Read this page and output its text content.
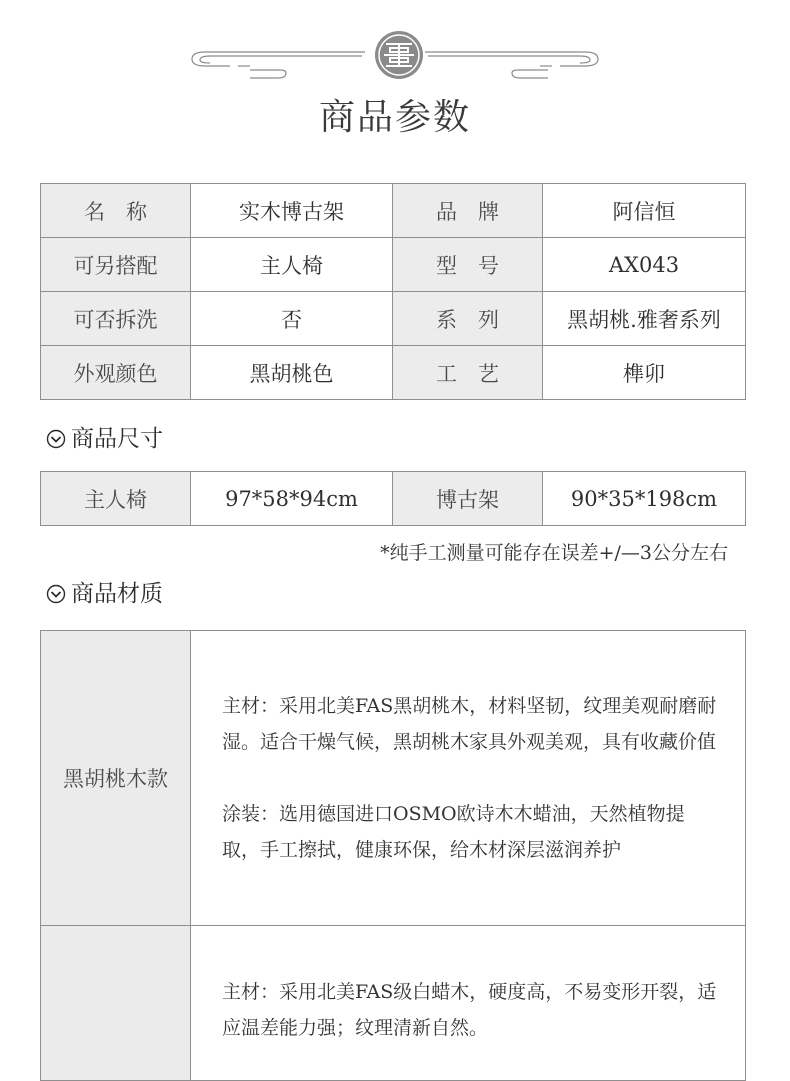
商品参数
名　称	实木博古架	品　牌	阿信恒
可另搭配	主人椅	型　号	AX043
可否拆洗	否	系　列	黑胡桃.雅奢系列
外观颜色	黑胡桃色	工　艺	榫卯
商品尺寸
主人椅	97*58*94cm	博古架	90*35*198cm
*纯手工测量可能存在误差+/—3公分左右
商品材质
黑胡桃木款	主材：采用北美FAS黑胡桃木，材料坚韧，纹理美观耐磨耐湿。适合干燥气候，黑胡桃木家具外观美观，具有收藏价值

涂装：选用德国进口OSMO欧诗木木蜡油，天然植物提取，手工擦拭，健康环保，给木材深层滋润养护

	主材：采用北美FAS级白蜡木，硬度高，不易变形开裂，适应温差能力强；纹理清新自然。
